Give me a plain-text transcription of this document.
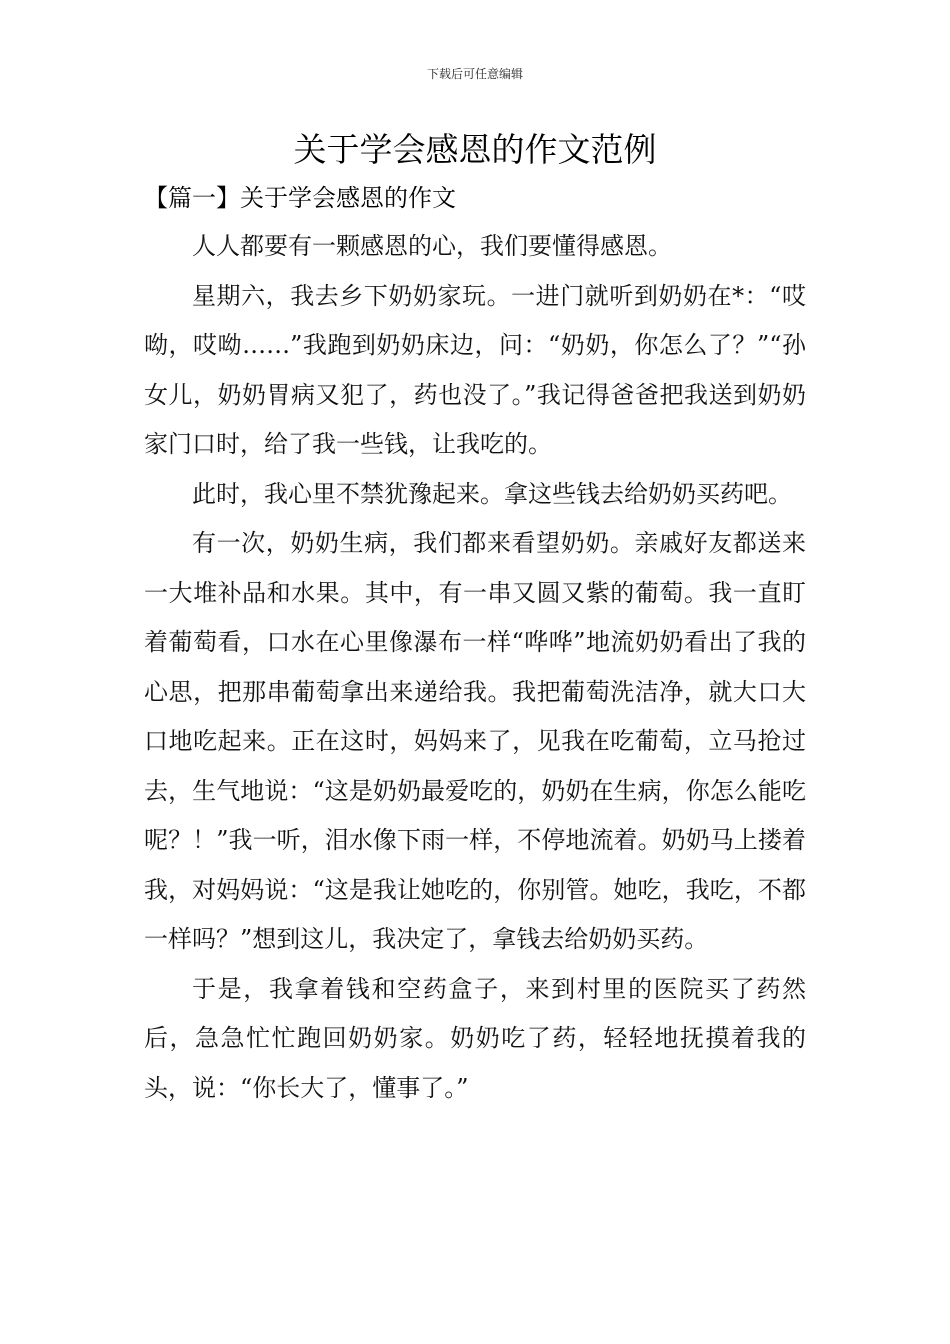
下载后可任意编辑
关于学会感恩的作文范例
【篇一】关于学会感恩的作文

人人都要有一颗感恩的心，我们要懂得感恩。

星期六，我去乡下奶奶家玩。一进门就听到奶奶在*：“哎呦，哎呦……”我跑到奶奶床边，问：“奶奶，你怎么了？”“孙女儿，奶奶胃病又犯了，药也没了。”我记得爸爸把我送到奶奶家门口时，给了我一些钱，让我吃的。

此时，我心里不禁犹豫起来。拿这些钱去给奶奶买药吧。

有一次，奶奶生病，我们都来看望奶奶。亲戚好友都送来一大堆补品和水果。其中，有一串又圆又紫的葡萄。我一直盯着葡萄看，口水在心里像瀑布一样“哗哗”地流奶奶看出了我的心思，把那串葡萄拿出来递给我。我把葡萄洗洁净，就大口大口地吃起来。正在这时，妈妈来了，见我在吃葡萄，立马抢过去，生气地说：“这是奶奶最爱吃的，奶奶在生病，你怎么能吃呢？！”我一听，泪水像下雨一样，不停地流着。奶奶马上搂着我，对妈妈说：“这是我让她吃的，你别管。她吃，我吃，不都一样吗？”想到这儿，我决定了，拿钱去给奶奶买药。

于是，我拿着钱和空药盒子，来到村里的医院买了药然后，急急忙忙跑回奶奶家。奶奶吃了药，轻轻地抚摸着我的头，说：“你长大了，懂事了。”
